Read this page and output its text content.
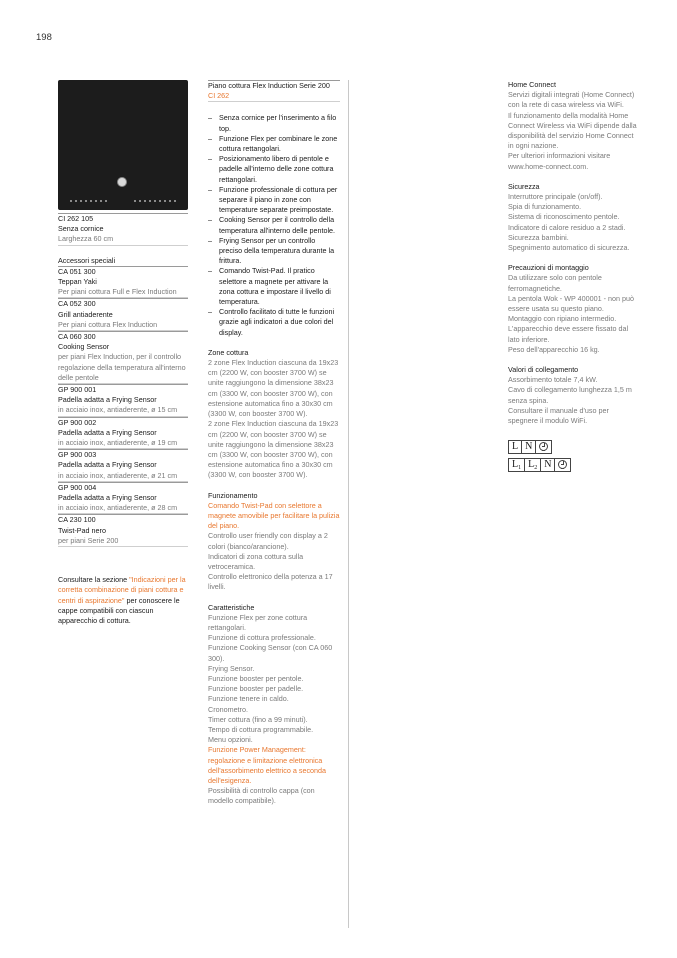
198
CI 262 105
Senza cornice
Larghezza 60 cm
Accessori speciali
CA 051 300
Teppan Yaki
Per piani cottura Full e Flex Induction
CA 052 300
Grill antiaderente
Per piani cottura Flex Induction
CA 060 300
Cooking Sensor
per piani Flex Induction, per il controllo regolazione della temperatura all'interno delle pentole
GP 900 001
Padella adatta a Frying Sensor
in acciaio inox, antiaderente, ø 15 cm
GP 900 002
Padella adatta a Frying Sensor
in acciaio inox, antiaderente, ø 19 cm
GP 900 003
Padella adatta a Frying Sensor
in acciaio inox, antiaderente, ø 21 cm
GP 900 004
Padella adatta a Frying Sensor
in acciaio inox, antiaderente, ø 28 cm
CA 230 100
Twist-Pad nero
per piani Serie 200
Consultare la sezione "Indicazioni per la corretta combinazione di piani cottura e centri di aspirazione" per conoscere le cappe compatibili con ciascun apparecchio di cottura.
Piano cottura Flex Induction Serie 200
CI 262
– Senza cornice per l'inserimento a filo top.
– Funzione Flex per combinare le zone cottura rettangolari.
– Posizionamento libero di pentole e padelle all'interno delle zone cottura rettangolari.
– Funzione professionale di cottura per separare il piano in zone con temperature separate preimpostate.
– Cooking Sensor per il controllo della temperatura all'interno delle pentole.
– Frying Sensor per un controllo preciso della temperatura durante la frittura.
– Comando Twist-Pad. Il pratico selettore a magnete per attivare la zona cottura e impostare il livello di temperatura.
– Controllo facilitato di tutte le funzioni grazie agli indicatori a due colori del display.
Zone cottura
2 zone Flex Induction ciascuna da 19x23 cm (2200 W, con booster 3700 W) se unite raggiungono la dimensione 38x23 cm (3300 W, con booster 3700 W), con estensione automatica fino a 30x30 cm (3300 W, con booster 3700 W).
2 zone Flex Induction ciascuna da 19x23 cm (2200 W, con booster 3700 W) se unite raggiungono la dimensione 38x23 cm (3300 W, con booster 3700 W), con estensione automatica fino a 30x30 cm (3300 W, con booster 3700 W).
Funzionamento
Comando Twist-Pad con selettore a magnete amovibile per facilitare la pulizia del piano.
Controllo user friendly con display a 2 colori (bianco/arancione).
Indicatori di zona cottura sulla vetroceramica.
Controllo elettronico della potenza a 17 livelli.
Caratteristiche
Funzione Flex per zone cottura rettangolari.
Funzione di cottura professionale.
Funzione Cooking Sensor (con CA 060 300).
Frying Sensor.
Funzione booster per pentole.
Funzione booster per padelle.
Funzione tenere in caldo.
Cronometro.
Timer cottura (fino a 99 minuti).
Tempo di cottura programmabile.
Menu opzioni.
Funzione Power Management: regolazione e limitazione elettronica dell'assorbimento elettrico a seconda dell'esigenza.
Possibilità di controllo cappa (con modello compatibile).
Home Connect
Servizi digitali integrati (Home Connect) con la rete di casa wireless via WiFi.
Il funzionamento della modalità Home Connect Wireless via WiFi dipende dalla disponibilità del servizio Home Connect in ogni nazione.
Per ulteriori informazioni visitare www.home-connect.com.
Sicurezza
Interruttore principale (on/off).
Spia di funzionamento.
Sistema di riconoscimento pentole.
Indicatore di calore residuo a 2 stadi.
Sicurezza bambini.
Spegnimento automatico di sicurezza.
Precauzioni di montaggio
Da utilizzare solo con pentole ferromagnetiche.
La pentola Wok - WP 400001 - non può essere usata su questo piano.
Montaggio con ripiano intermedio.
L'apparecchio deve essere fissato dal lato inferiore.
Peso dell'apparecchio 16 kg.
Valori di collegamento
Assorbimento totale 7,4 kW.
Cavo di collegamento lunghezza 1,5 m senza spina.
Consultare il manuale d'uso per spegnere il modulo WiFi.
L N

$L_1$ $L_2$ N
